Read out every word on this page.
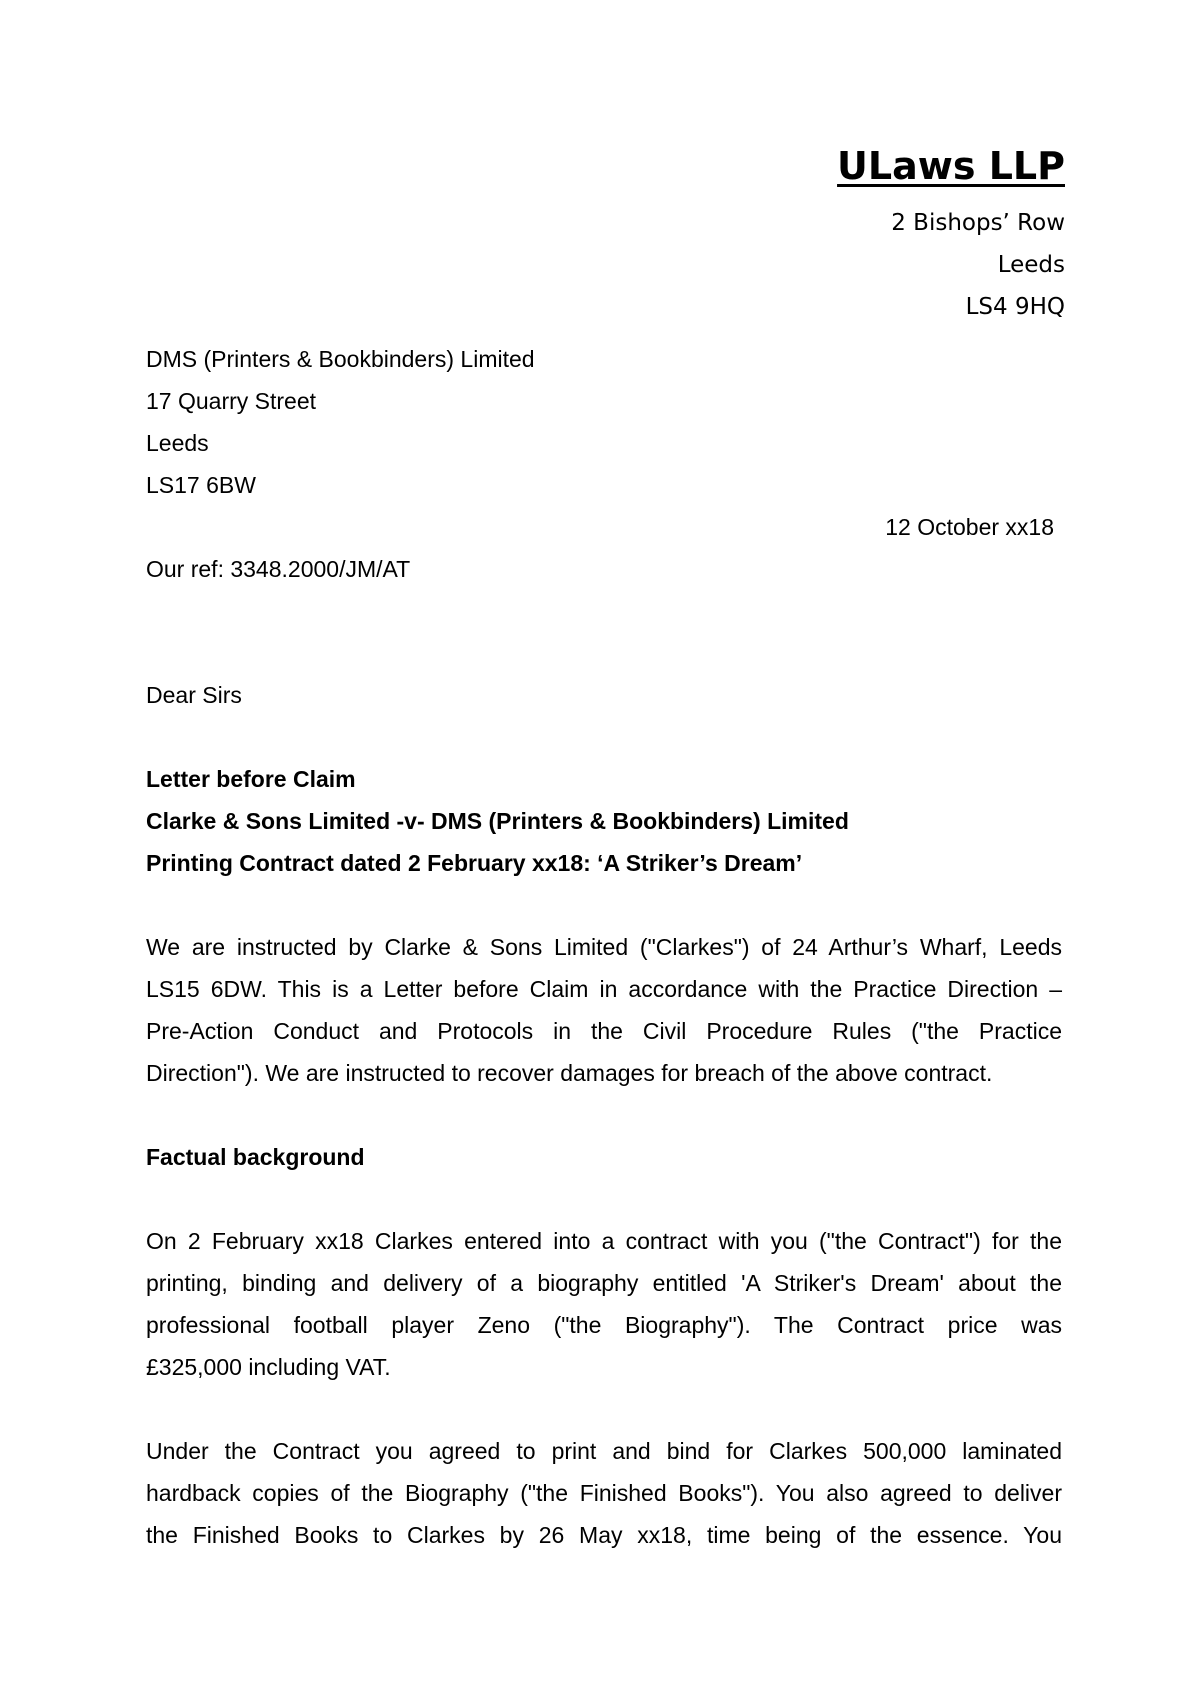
ULaws LLP
2 Bishops’ Row
Leeds
LS4 9HQ
DMS (Printers & Bookbinders) Limited
17 Quarry Street
Leeds
LS17 6BW
12 October xx18
Our ref: 3348.2000/JM/AT
Dear Sirs
Letter before Claim
Clarke & Sons Limited -v- DMS (Printers & Bookbinders) Limited
Printing Contract dated 2 February xx18: ‘A Striker’s Dream’
We are instructed by Clarke & Sons Limited ("Clarkes") of 24 Arthur’s Wharf, Leeds
LS15 6DW. This is a Letter before Claim in accordance with the Practice Direction –
Pre-Action Conduct and Protocols in the Civil Procedure Rules ("the Practice
Direction"). We are instructed to recover damages for breach of the above contract.
Factual background
On 2 February xx18 Clarkes entered into a contract with you ("the Contract") for the
printing, binding and delivery of a biography entitled 'A Striker's Dream' about the
professional football player Zeno ("the Biography"). The Contract price was
£325,000 including VAT.
Under the Contract you agreed to print and bind for Clarkes 500,000 laminated
hardback copies of the Biography ("the Finished Books"). You also agreed to deliver
the Finished Books to Clarkes by 26 May xx18, time being of the essence. You
